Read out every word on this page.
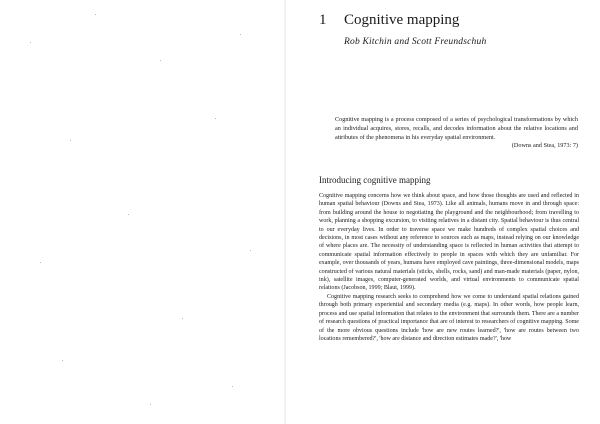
1 Cognitive mapping
Rob Kitchin and Scott Freundschuh
Cognitive mapping is a process composed of a series of psychological transformations by which an individual acquires, stores, recalls, and decodes information about the relative locations and attributes of the phenomena in his everyday spatial environment.
(Downs and Stea, 1973: 7)
Introducing cognitive mapping

Cognitive mapping concerns how we think about space, and how those thoughts are used and reflected in human spatial behaviour (Downs and Stea, 1973). Like all animals, humans move in and through space: from building around the house to negotiating the playground and the neighbourhood; from travelling to work, planning a shopping excursion, to visiting relatives in a distant city. Spatial behaviour is thus central to our everyday lives. In order to traverse space we make hundreds of complex spatial choices and decisions, in most cases without any reference to sources such as maps, instead relying on our knowledge of where places are. The necessity of understanding space is reflected in human activities that attempt to communicate spatial information effectively to people in spaces with which they are unfamiliar. For example, over thousands of years, humans have employed cave paintings, three-dimensional models, maps constructed of various natural materials (sticks, shells, rocks, sand) and man-made materials (paper, nylon, ink), satellite images, computer-generated worlds, and virtual environments to communicate spatial relations (Jacobson, 1999; Blaut, 1999).

Cognitive mapping research seeks to comprehend how we come to understand spatial relations gained through both primary experiential and secondary media (e.g. maps). In other words, how people learn, process and use spatial information that relates to the environment that surrounds them. There are a number of research questions of practical importance that are of interest to researchers of cognitive mapping. Some of the more obvious questions include 'how are new routes learned?', 'how are routes between two locations remembered?', 'how are distance and direction estimates made?', 'how
